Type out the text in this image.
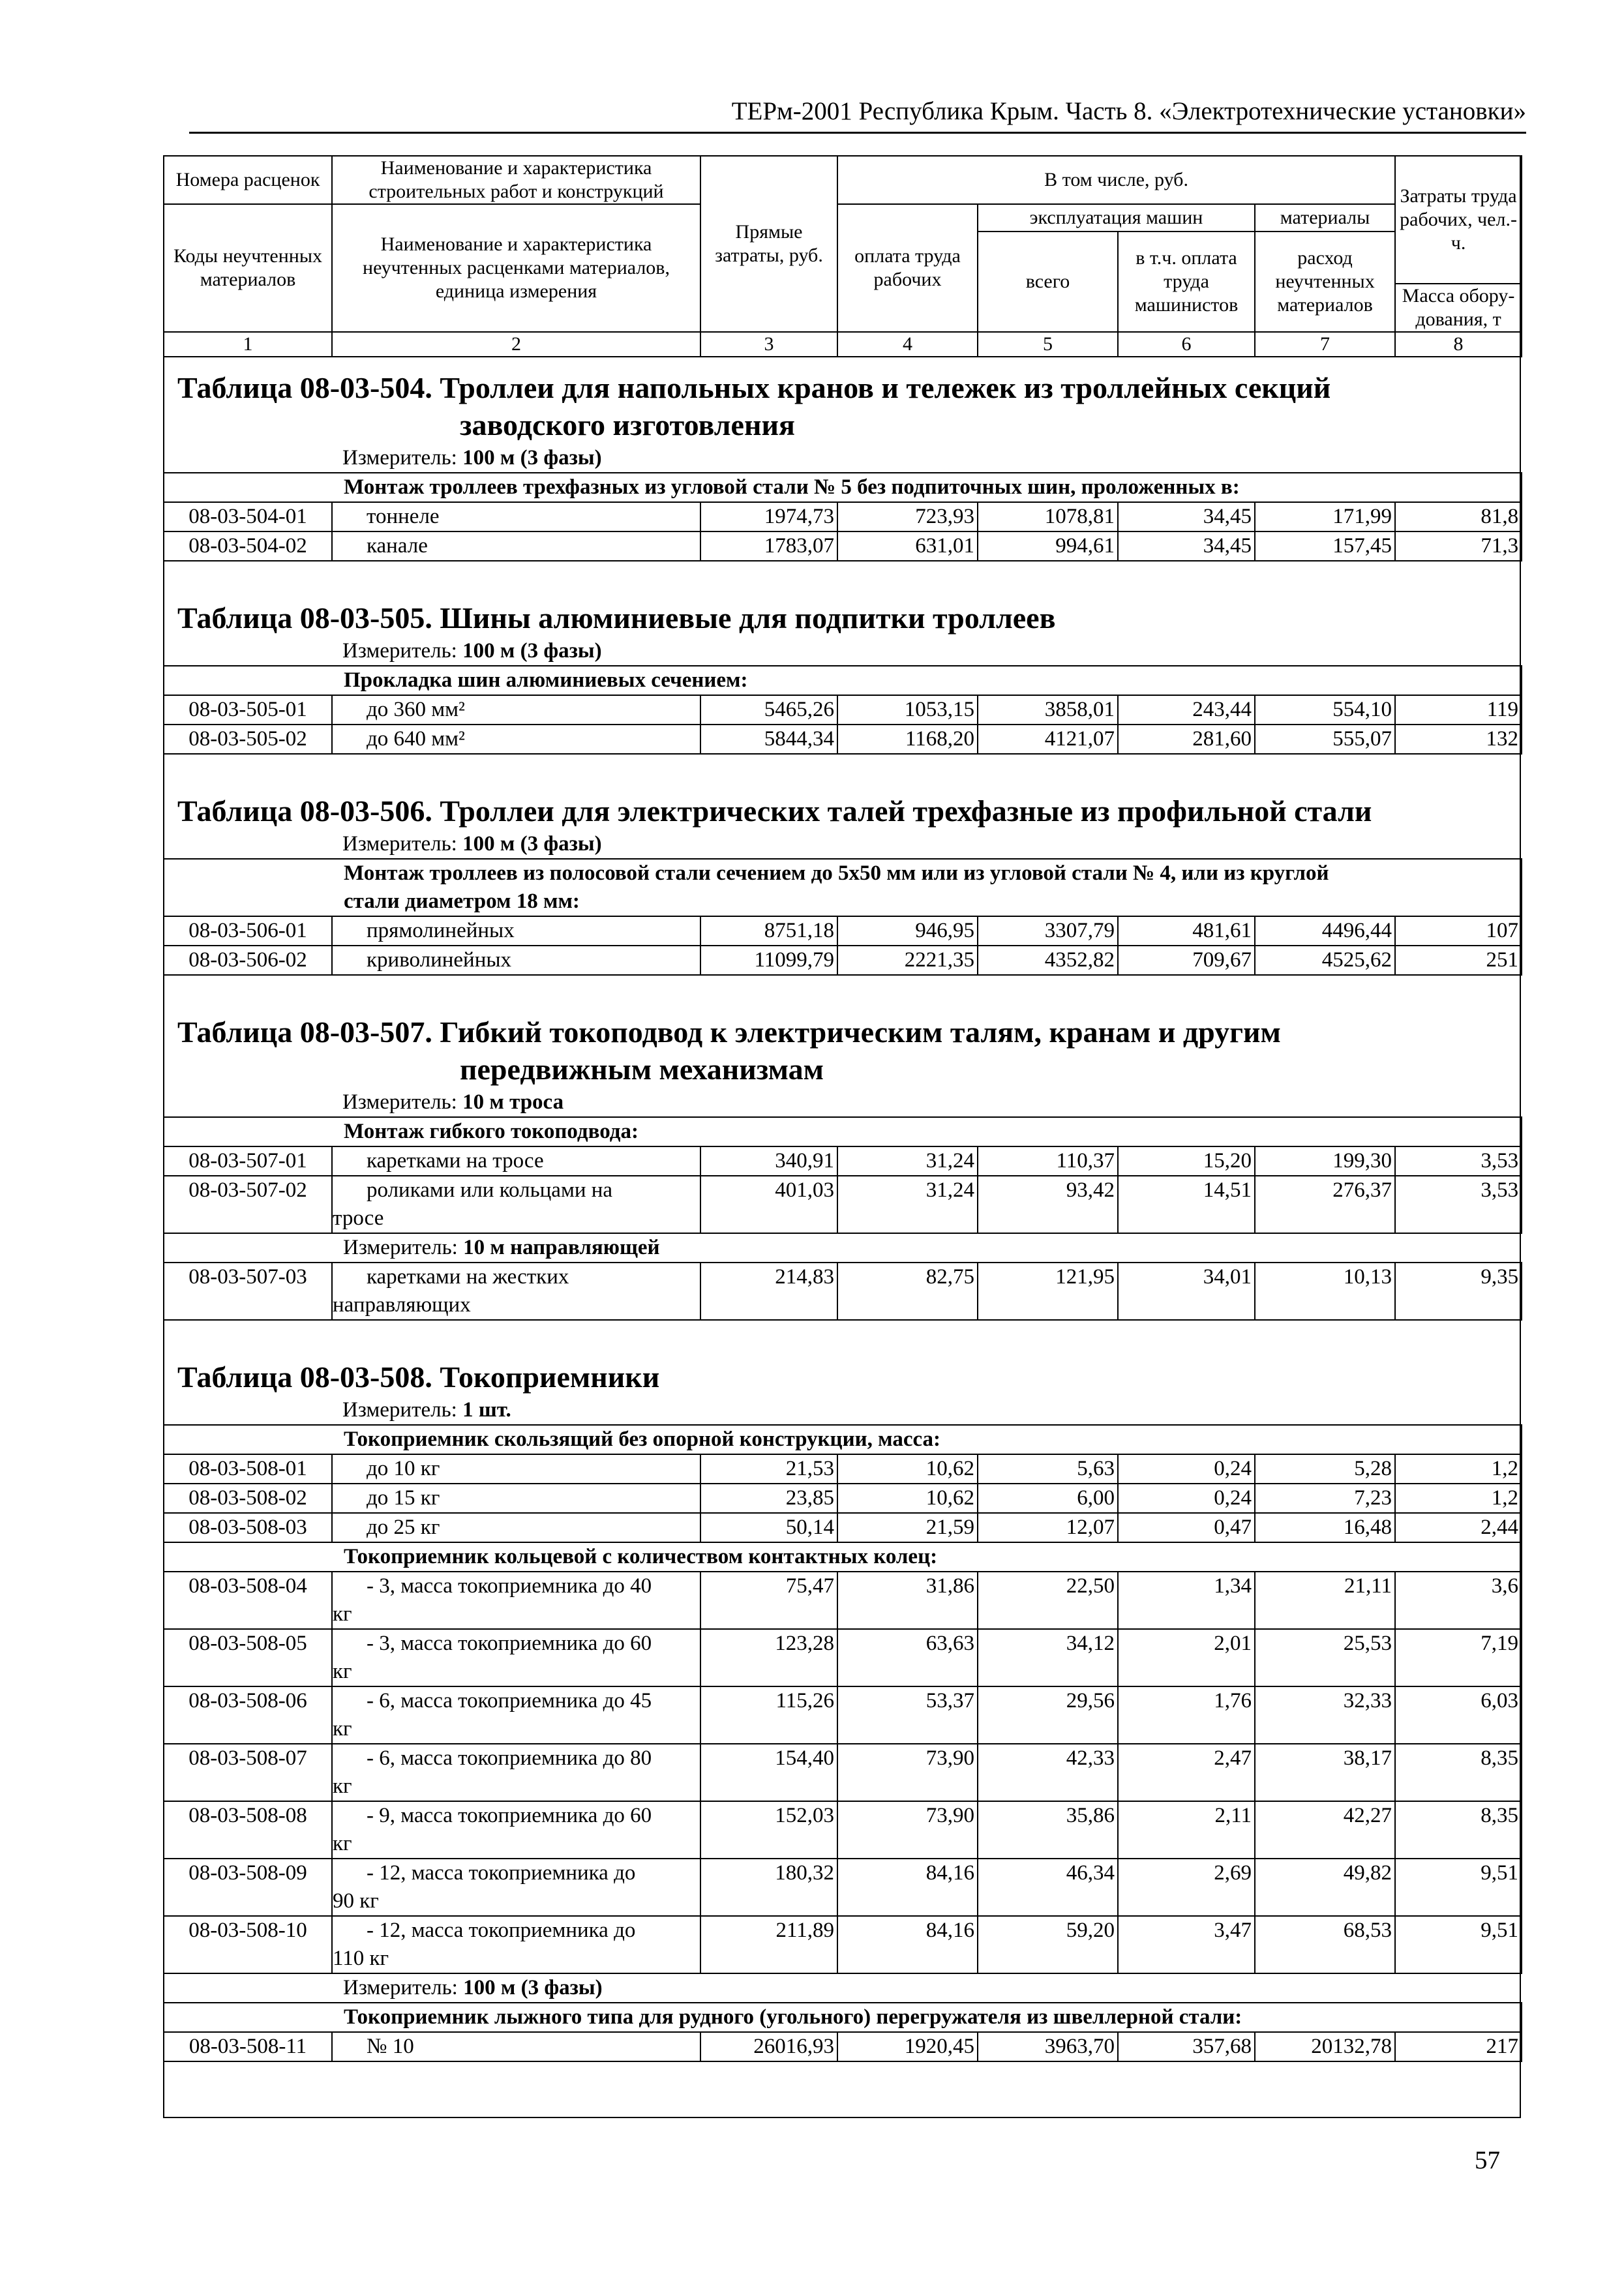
ТЕРм-2001 Республика Крым. Часть 8. «Электротехнические установки»
Номера расценок	Наименование и характеристика строительных работ и конструкций	Прямые затраты, руб.	В том числе, руб.				Затраты труда рабочих, чел.-ч.
Коды неучтенных материалов	Наименование и характеристика неучтенных расценками материалов, единица измерения		оплата труда рабочих	эксплуатация машин		материалы	
				всего	в т.ч. оплата труда машинистов	расход неучтенных материалов	
							Масса обору-дования, т
1	2	3	4	5	6	7	8
Таблица 08-03-504. Троллеи для напольных кранов и тележек из троллейных секций
заводского изготовления
Измеритель: 100 м (3 фазы)
Монтаж троллеев трехфазных из угловой стали № 5 без подпиточных шин, проложенных в:							
08-03-504-01	тоннеле	1974,73	723,93	1078,81	34,45	171,99	81,8
08-03-504-02	канале	1783,07	631,01	994,61	34,45	157,45	71,3
Таблица 08-03-505. Шины алюминиевые для подпитки троллеев
Измеритель: 100 м (3 фазы)
Прокладка шин алюминиевых сечением:							
08-03-505-01	до 360 мм²	5465,26	1053,15	3858,01	243,44	554,10	119
08-03-505-02	до 640 мм²	5844,34	1168,20	4121,07	281,60	555,07	132
Таблица 08-03-506. Троллеи для электрических талей трехфазные из профильной стали
Измеритель: 100 м (3 фазы)
Монтаж троллеев из полосовой стали сечением до 5х50 мм или из угловой стали № 4, или из круглой
стали диаметром 18 мм:							
08-03-506-01	прямолинейных	8751,18	946,95	3307,79	481,61	4496,44	107
08-03-506-02	криволинейных	11099,79	2221,35	4352,82	709,67	4525,62	251
Таблица 08-03-507. Гибкий токоподвод к электрическим талям, кранам и другим
передвижным механизмам
Измеритель: 10 м троса
Монтаж гибкого токоподвода:							
08-03-507-01	каретками на тросе	340,91	31,24	110,37	15,20	199,30	3,53
08-03-507-02	роликами или кольцами на
тросе	401,03	31,24	93,42	14,51	276,37	3,53
Измеритель: 10 м направляющей							
08-03-507-03	каретками на жестких
направляющих	214,83	82,75	121,95	34,01	10,13	9,35
Таблица 08-03-508. Токоприемники
Измеритель: 1 шт.
Токоприемник скользящий без опорной конструкции, масса:							
08-03-508-01	до 10 кг	21,53	10,62	5,63	0,24	5,28	1,2
08-03-508-02	до 15 кг	23,85	10,62	6,00	0,24	7,23	1,2
08-03-508-03	до 25 кг	50,14	21,59	12,07	0,47	16,48	2,44
Токоприемник кольцевой с количеством контактных колец:							
08-03-508-04	- 3, масса токоприемника до 40
кг	75,47	31,86	22,50	1,34	21,11	3,6
08-03-508-05	- 3, масса токоприемника до 60
кг	123,28	63,63	34,12	2,01	25,53	7,19
08-03-508-06	- 6, масса токоприемника до 45
кг	115,26	53,37	29,56	1,76	32,33	6,03
08-03-508-07	- 6, масса токоприемника до 80
кг	154,40	73,90	42,33	2,47	38,17	8,35
08-03-508-08	- 9, масса токоприемника до 60
кг	152,03	73,90	35,86	2,11	42,27	8,35
08-03-508-09	- 12, масса токоприемника до
90 кг	180,32	84,16	46,34	2,69	49,82	9,51
08-03-508-10	- 12, масса токоприемника до
110 кг	211,89	84,16	59,20	3,47	68,53	9,51
Измеритель: 100 м (3 фазы)							
Токоприемник лыжного типа для рудного (угольного) перегружателя из швеллерной стали:							
08-03-508-11	№ 10	26016,93	1920,45	3963,70	357,68	20132,78	217
57
